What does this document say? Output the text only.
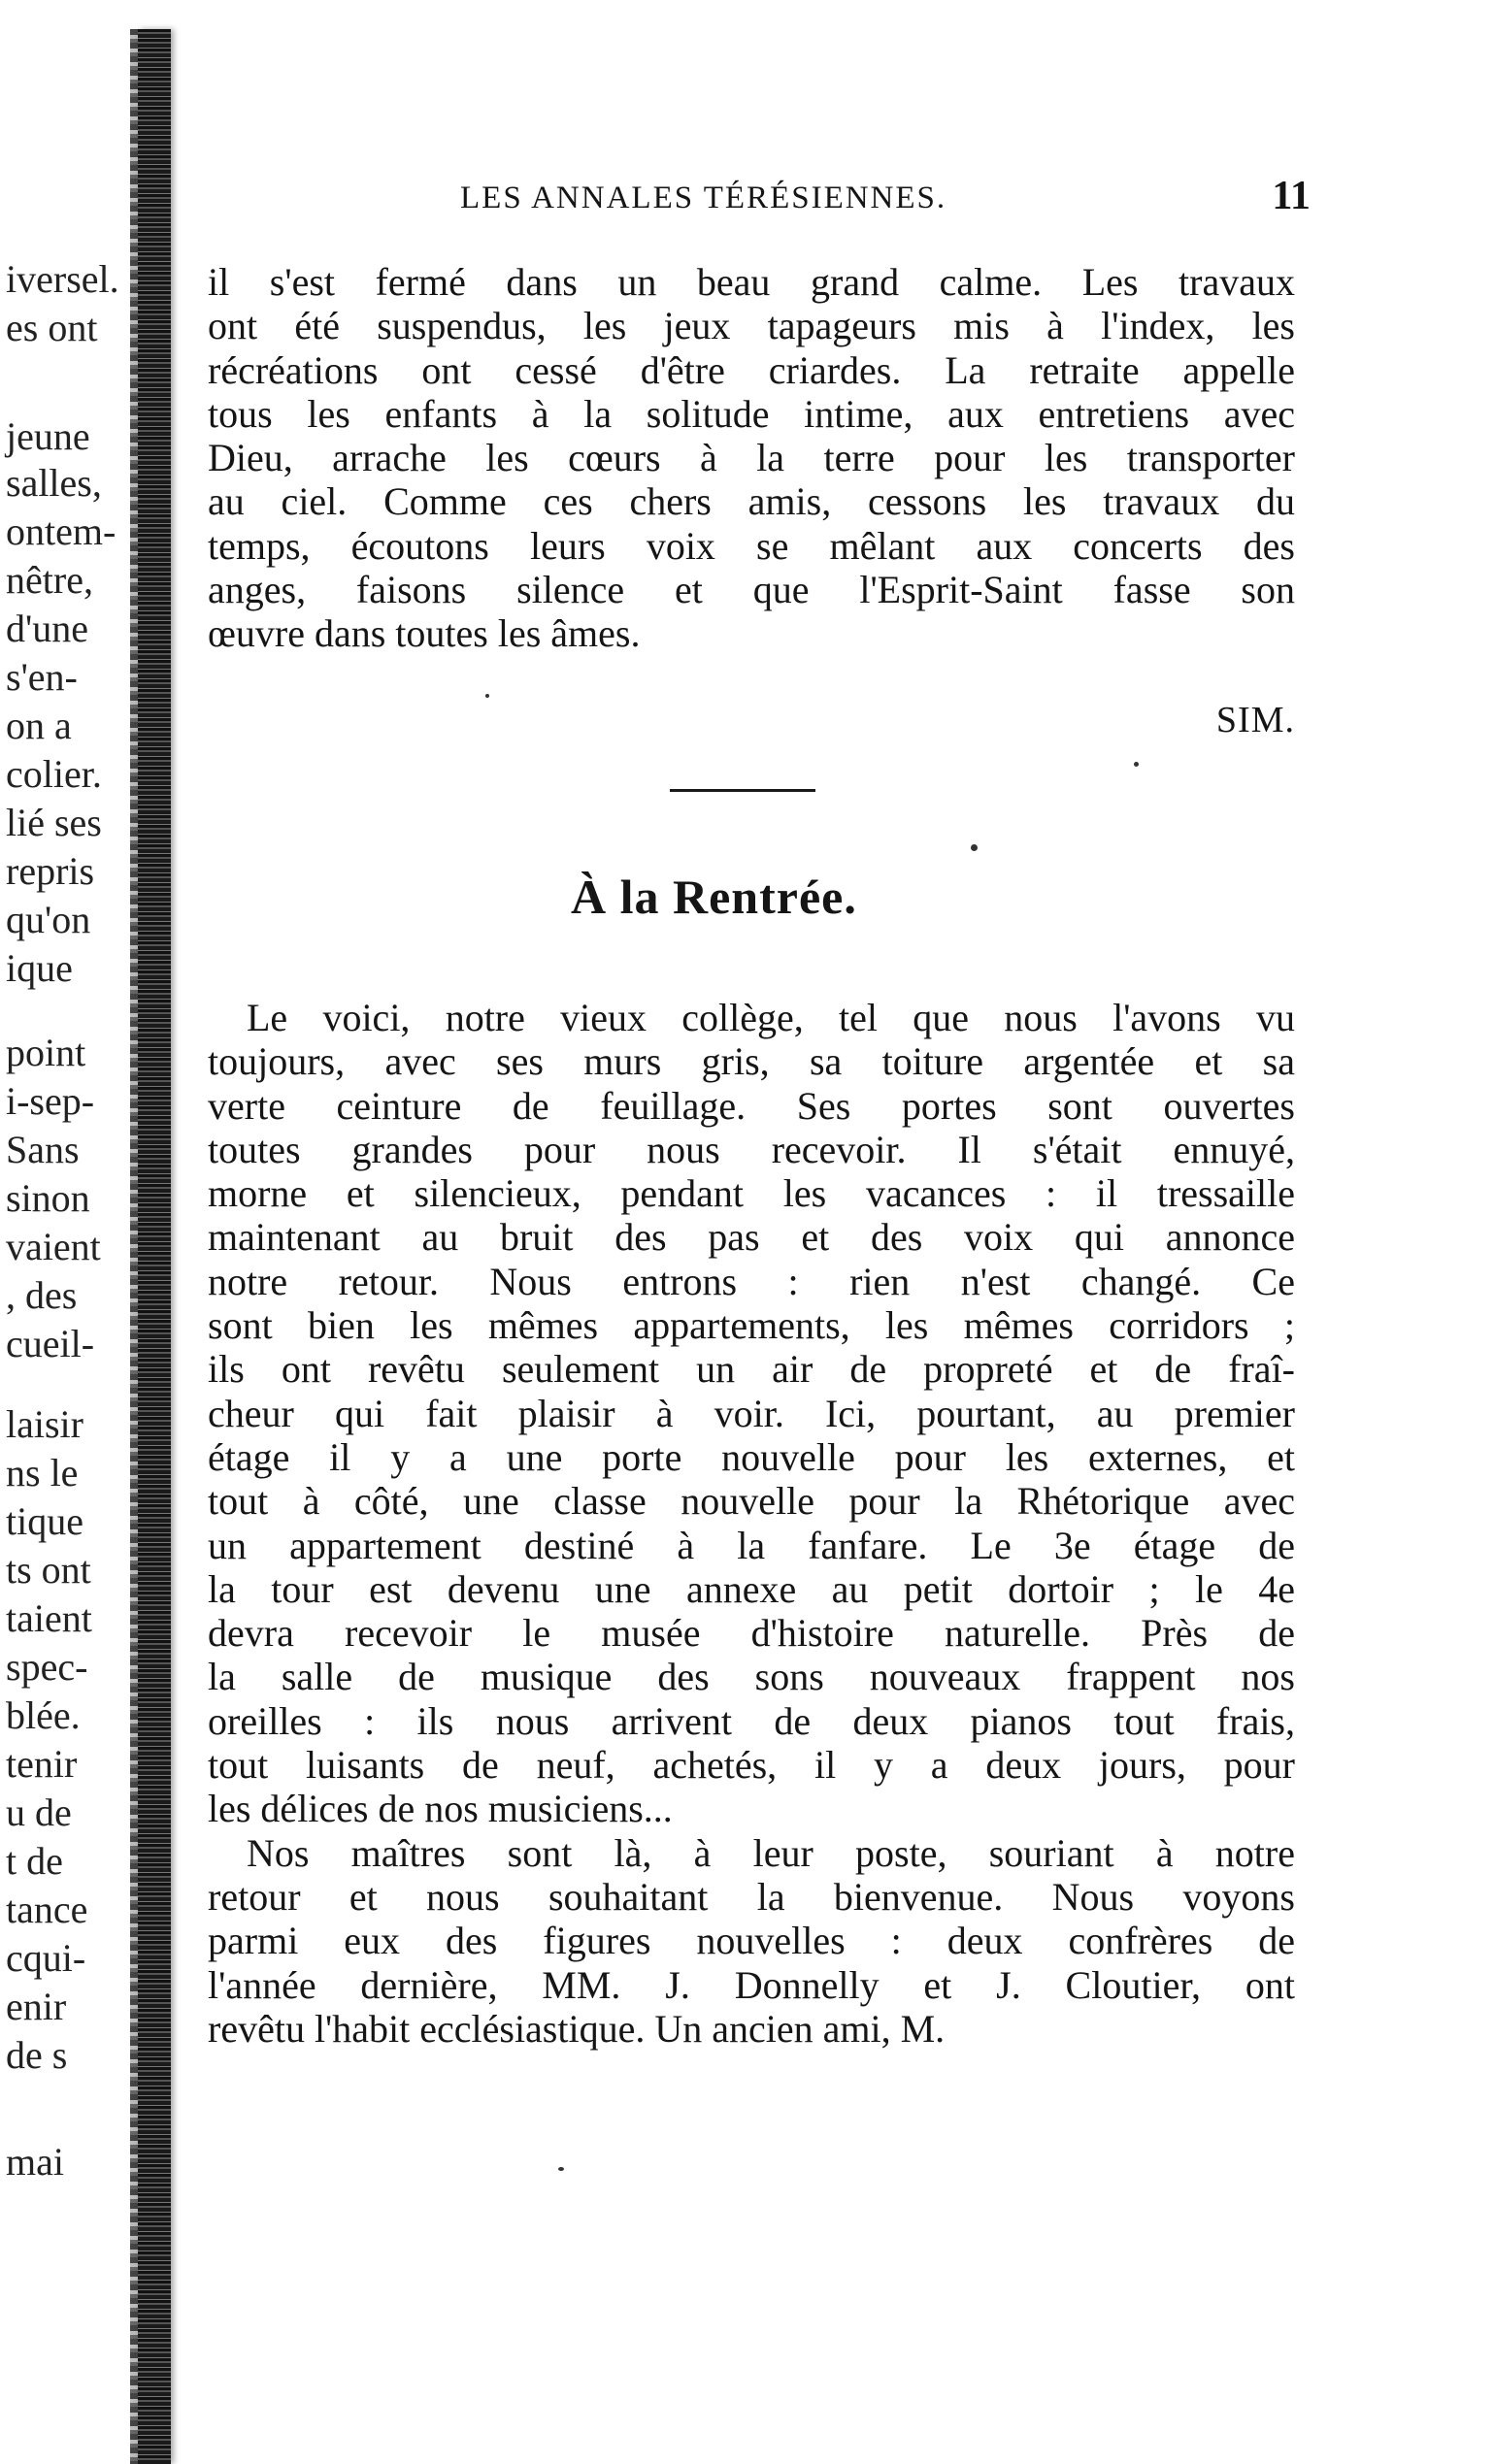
iversel.
es ont
jeune
salles,
ontem-
nêtre,
d'une
s'en-
on a
colier.
lié ses
repris
qu'on
ique
point
i-sep-
Sans
sinon
vaient
, des
cueil-
laisir
ns le
tique
ts ont
taient
spec-
blée.
tenir
u de
t de
tance
cqui-
enir
de s
mai
LES ANNALES TÉRÉSIENNES.	11
il s'est fermé dans un beau grand calme. Les travaux
ont été suspendus, les jeux tapageurs mis à l'index, les
récréations ont cessé d'être criardes. La retraite appelle
tous les enfants à la solitude intime, aux entretiens avec
Dieu, arrache les cœurs à la terre pour les transporter
au ciel. Comme ces chers amis, cessons les travaux du
temps, écoutons leurs voix se mêlant aux concerts des
anges, faisons silence et que l'Esprit-Saint fasse son
œuvre dans toutes les âmes.
SIM.
À la Rentrée.
Le voici, notre vieux collège, tel que nous l'avons vu
toujours, avec ses murs gris, sa toiture argentée et sa
verte ceinture de feuillage. Ses portes sont ouvertes
toutes grandes pour nous recevoir. Il s'était ennuyé,
morne et silencieux, pendant les vacances : il tressaille
maintenant au bruit des pas et des voix qui annonce
notre retour. Nous entrons : rien n'est changé. Ce
sont bien les mêmes appartements, les mêmes corridors ;
ils ont revêtu seulement un air de propreté et de fraî-
cheur qui fait plaisir à voir. Ici, pourtant, au premier
étage il y a une porte nouvelle pour les externes, et
tout à côté, une classe nouvelle pour la Rhétorique avec
un appartement destiné à la fanfare. Le 3e étage de
la tour est devenu une annexe au petit dortoir ; le 4e
devra recevoir le musée d'histoire naturelle. Près de
la salle de musique des sons nouveaux frappent nos
oreilles : ils nous arrivent de deux pianos tout frais,
tout luisants de neuf, achetés, il y a deux jours, pour
les délices de nos musiciens...
Nos maîtres sont là, à leur poste, souriant à notre
retour et nous souhaitant la bienvenue. Nous voyons
parmi eux des figures nouvelles : deux confrères de
l'année dernière, MM. J. Donnelly et J. Cloutier, ont
revêtu l'habit ecclésiastique. Un ancien ami, M.
